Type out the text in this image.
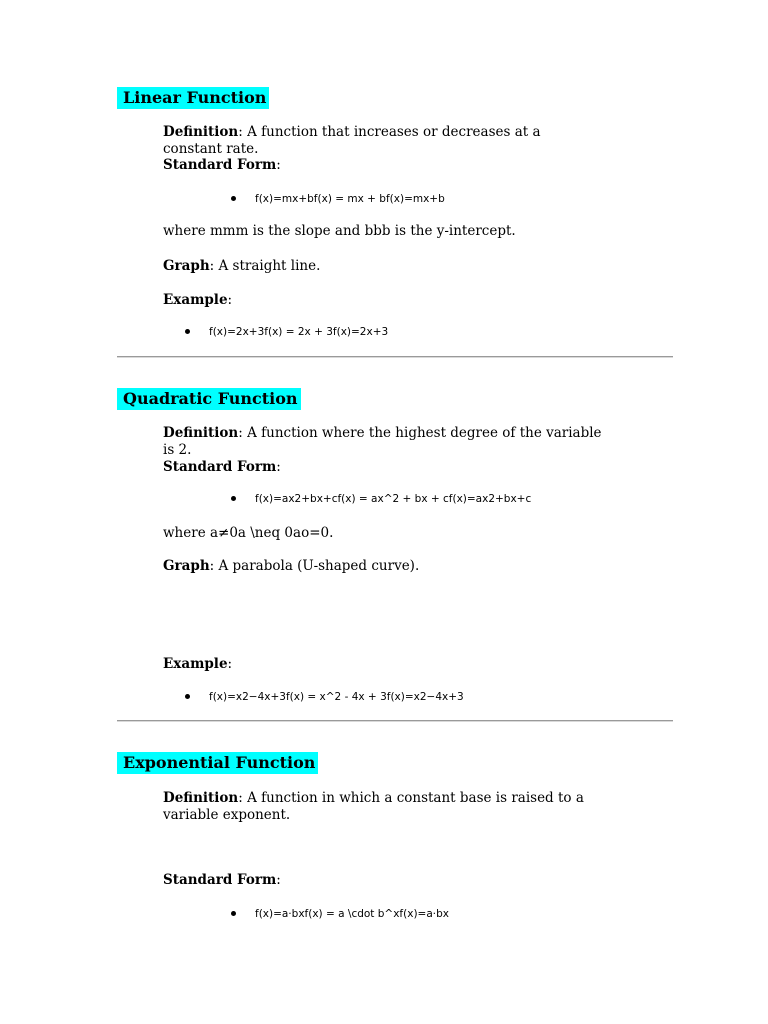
Linear Function
Definition: A function that increases or decreases at a constant rate.
Standard Form:
f(x)=mx+bf(x) = mx + bf(x)=mx+b
where mmm is the slope and bbb is the y-intercept.
Graph: A straight line.
Example:
f(x)=2x+3f(x) = 2x + 3f(x)=2x+3
Quadratic Function
Definition: A function where the highest degree of the variable is 2.
Standard Form:
f(x)=ax2+bx+cf(x) = ax^2 + bx + cf(x)=ax2+bx+c
where a≠0a \neq 0ao=0.
Graph: A parabola (U-shaped curve).
Example:
f(x)=x2−4x+3f(x) = x^2 - 4x + 3f(x)=x2−4x+3
Exponential Function
Definition: A function in which a constant base is raised to a variable exponent.
Standard Form:
f(x)=a⋅bxf(x) = a \cdot b^xf(x)=a⋅bx
